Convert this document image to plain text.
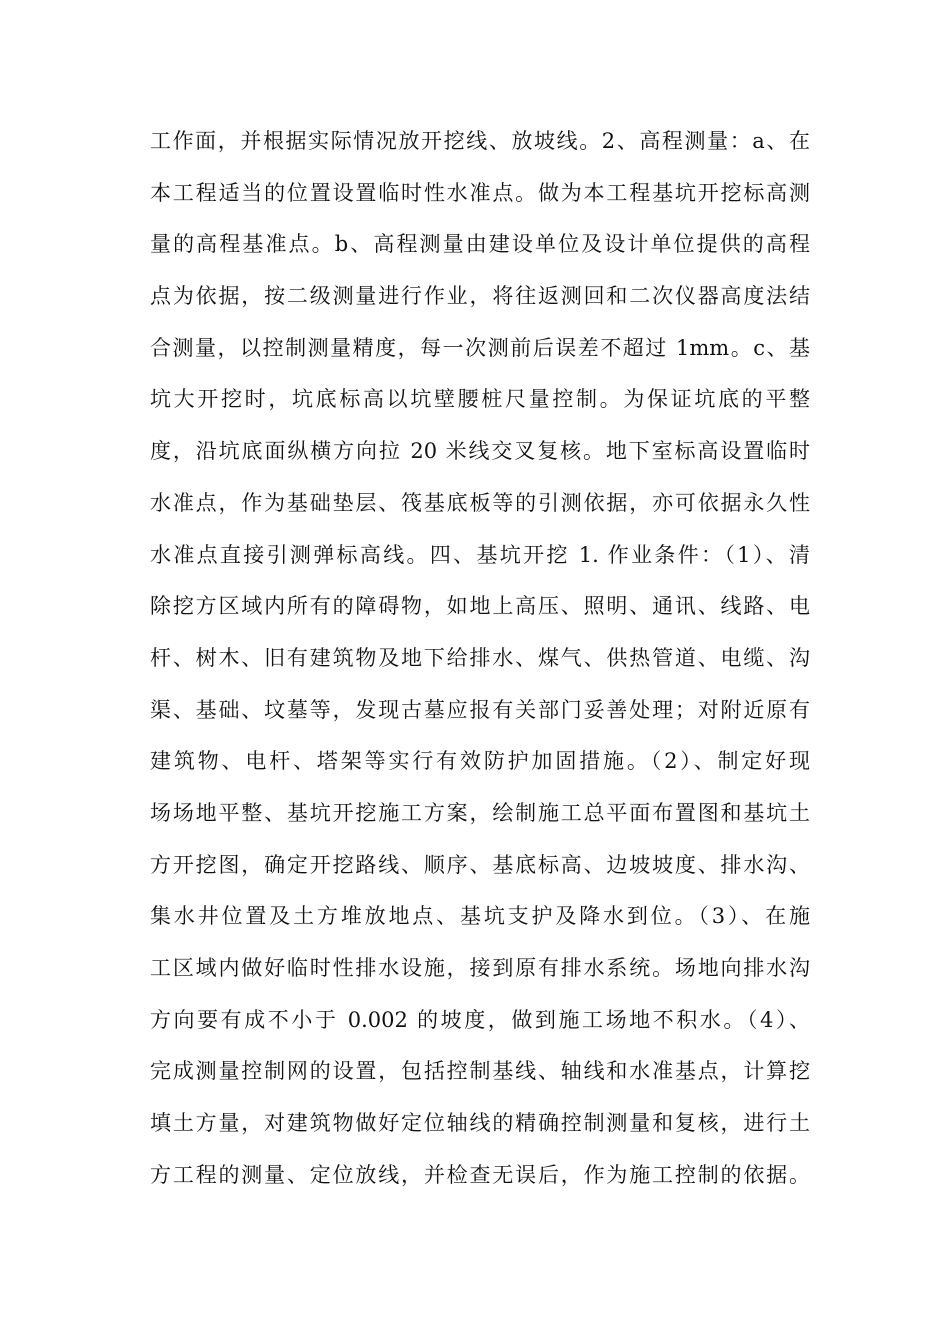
工作面，并根据实际情况放开挖线、放坡线。2、高程测量：a、在
本工程适当的位置设置临时性水准点。做为本工程基坑开挖标高测
量的高程基准点。b、高程测量由建设单位及设计单位提供的高程
点为依据，按二级测量进行作业，将往返测回和二次仪器高度法结
合测量，以控制测量精度，每一次测前后误差不超过 1mm。c、基
坑大开挖时，坑底标高以坑壁腰桩尺量控制。为保证坑底的平整
度，沿坑底面纵横方向拉 20 米线交叉复核。地下室标高设置临时
水准点，作为基础垫层、筏基底板等的引测依据，亦可依据永久性
水准点直接引测弹标高线。四、基坑开挖 1. 作业条件：（1）、清
除挖方区域内所有的障碍物，如地上高压、照明、通讯、线路、电
杆、树木、旧有建筑物及地下给排水、煤气、供热管道、电缆、沟
渠、基础、坟墓等，发现古墓应报有关部门妥善处理；对附近原有
建筑物、电杆、塔架等实行有效防护加固措施。（2）、制定好现
场场地平整、基坑开挖施工方案，绘制施工总平面布置图和基坑土
方开挖图，确定开挖路线、顺序、基底标高、边坡坡度、排水沟、
集水井位置及土方堆放地点、基坑支护及降水到位。（3）、在施
工区域内做好临时性排水设施，接到原有排水系统。场地向排水沟
方向要有成不小于 0.002 的坡度，做到施工场地不积水。（4）、
完成测量控制网的设置，包括控制基线、轴线和水准基点，计算挖
填土方量，对建筑物做好定位轴线的精确控制测量和复核，进行土
方工程的测量、定位放线，并检查无误后，作为施工控制的依据。
